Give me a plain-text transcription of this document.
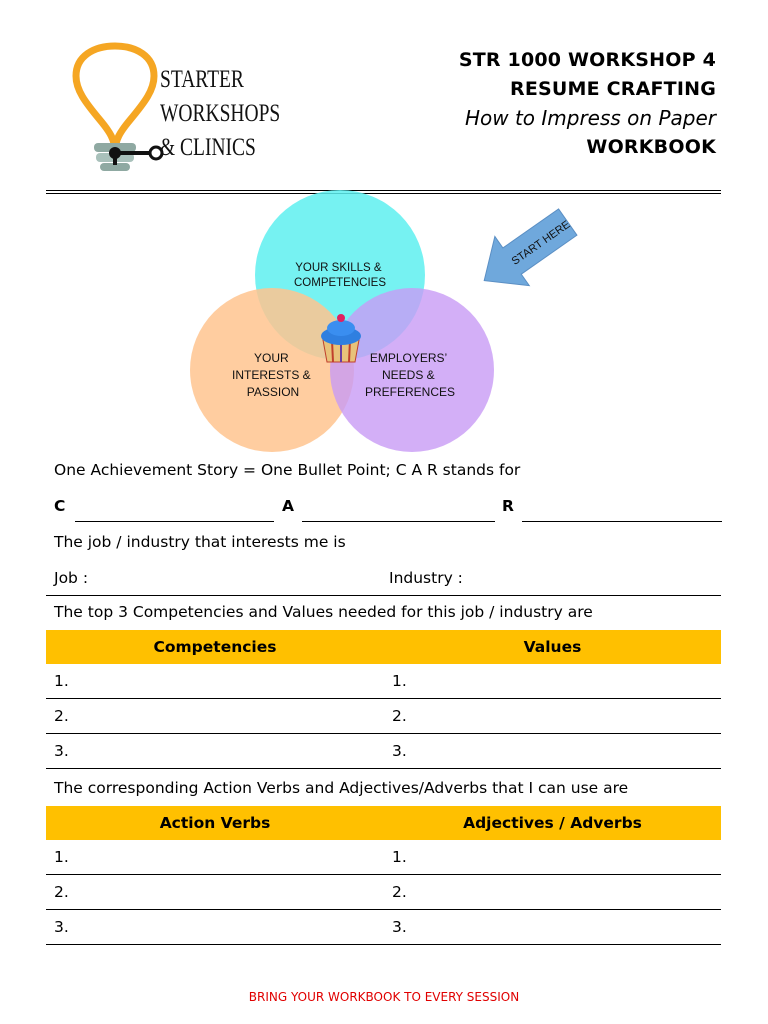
STARTER
WORKSHOPS
& CLINICS
STR 1000 WORKSHOP 4
RESUME CRAFTING
How to Impress on Paper
WORKBOOK
START HERE
YOUR SKILLS & COMPETENCIES
YOUR INTERESTS & PASSION
EMPLOYERS’ NEEDS & PREFERENCES
One Achievement Story = One Bullet Point; C A R stands for
C	A	R
The job / industry that interests me is
Job :	Industry :
The top 3 Competencies and Values needed for this job / industry are
Competencies	Values
1.	1.
2.	2.
3.	3.
The corresponding Action Verbs and Adjectives/Adverbs that I can use are
Action Verbs	Adjectives / Adverbs
1.	1.
2.	2.
3.	3.
BRING YOUR WORKBOOK TO EVERY SESSION
